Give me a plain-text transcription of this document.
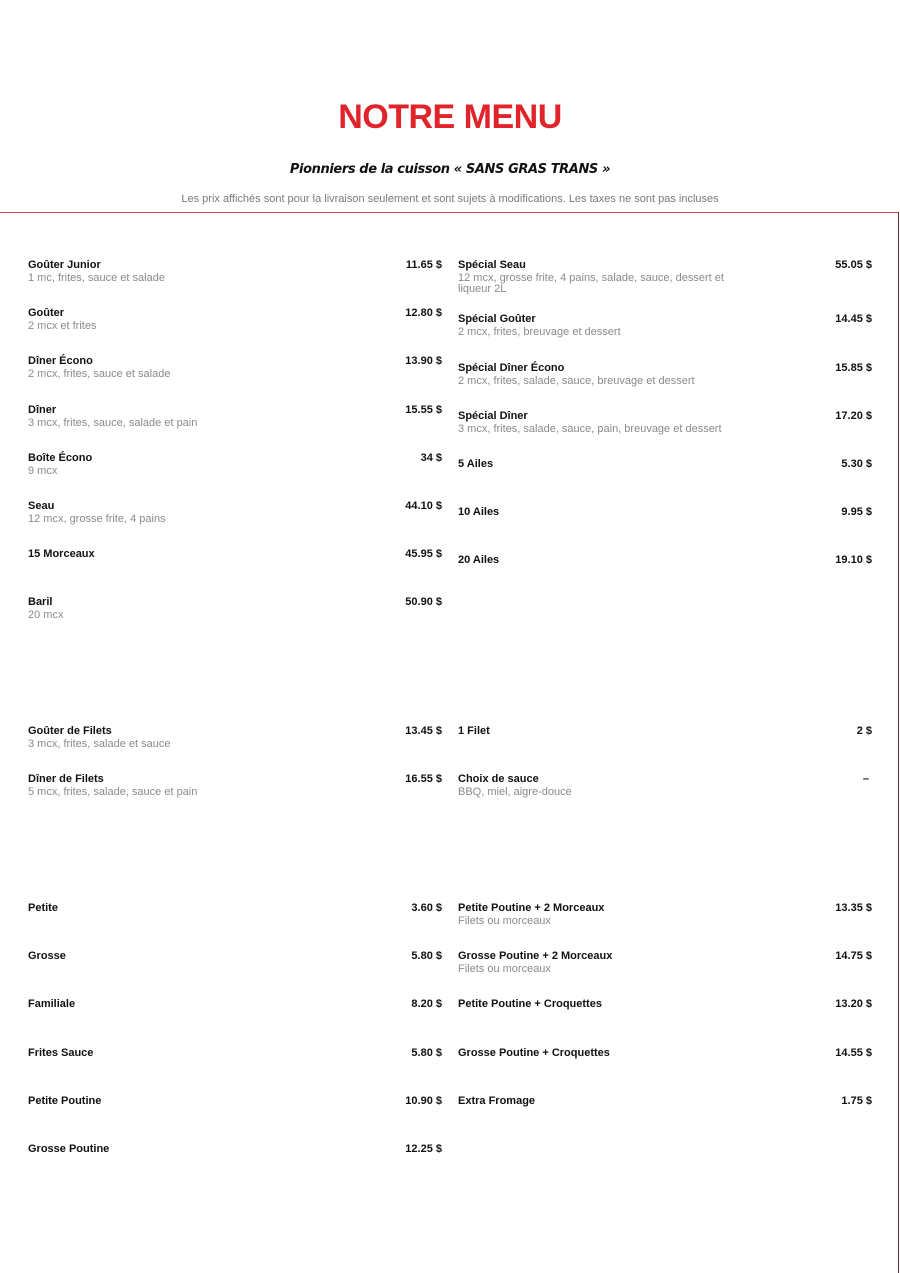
NOTRE MENU
Pionniers de la cuisson « SANS GRAS TRANS »
Les prix affichés sont pour la livraison seulement et sont sujets à modifications. Les taxes ne sont pas incluses
Goûter Junior
1 mc, frites, sauce et salade
11.65 $
Goûter
2 mcx et frites
12.80 $
Dîner Écono
2 mcx, frites, sauce et salade
13.90 $
Dîner
3 mcx, frites, sauce, salade et pain
15.55 $
Boîte Écono
9 mcx
34 $
Seau
12 mcx, grosse frite, 4 pains
44.10 $
15 Morceaux	45.95 $
Baril
20 mcx
50.90 $
Spécial Seau
12 mcx, grosse frite, 4 pains, salade, sauce, dessert et liqueur 2L
55.05 $
Spécial Goûter
2 mcx, frites, breuvage et dessert
14.45 $
Spécial Dîner Écono
2 mcx, frites, salade, sauce, breuvage et dessert
15.85 $
Spécial Dîner
3 mcx, frites, salade, sauce, pain, breuvage et dessert
17.20 $
5 Ailes	5.30 $
10 Ailes	9.95 $
20 Ailes	19.10 $
Goûter de Filets
3 mcx, frites, salade et sauce
13.45 $
Dîner de Filets
5 mcx, frites, salade, sauce et pain
16.55 $
1 Filet	2 $
Choix de sauce
BBQ, miel, aigre-douce
–
Petite	3.60 $
Grosse	5.80 $
Familiale	8.20 $
Frites Sauce	5.80 $
Petite Poutine	10.90 $
Grosse Poutine	12.25 $
Petite Poutine + 2 Morceaux
Filets ou morceaux
13.35 $
Grosse Poutine + 2 Morceaux
Filets ou morceaux
14.75 $
Petite Poutine + Croquettes	13.20 $
Grosse Poutine + Croquettes	14.55 $
Extra Fromage	1.75 $
